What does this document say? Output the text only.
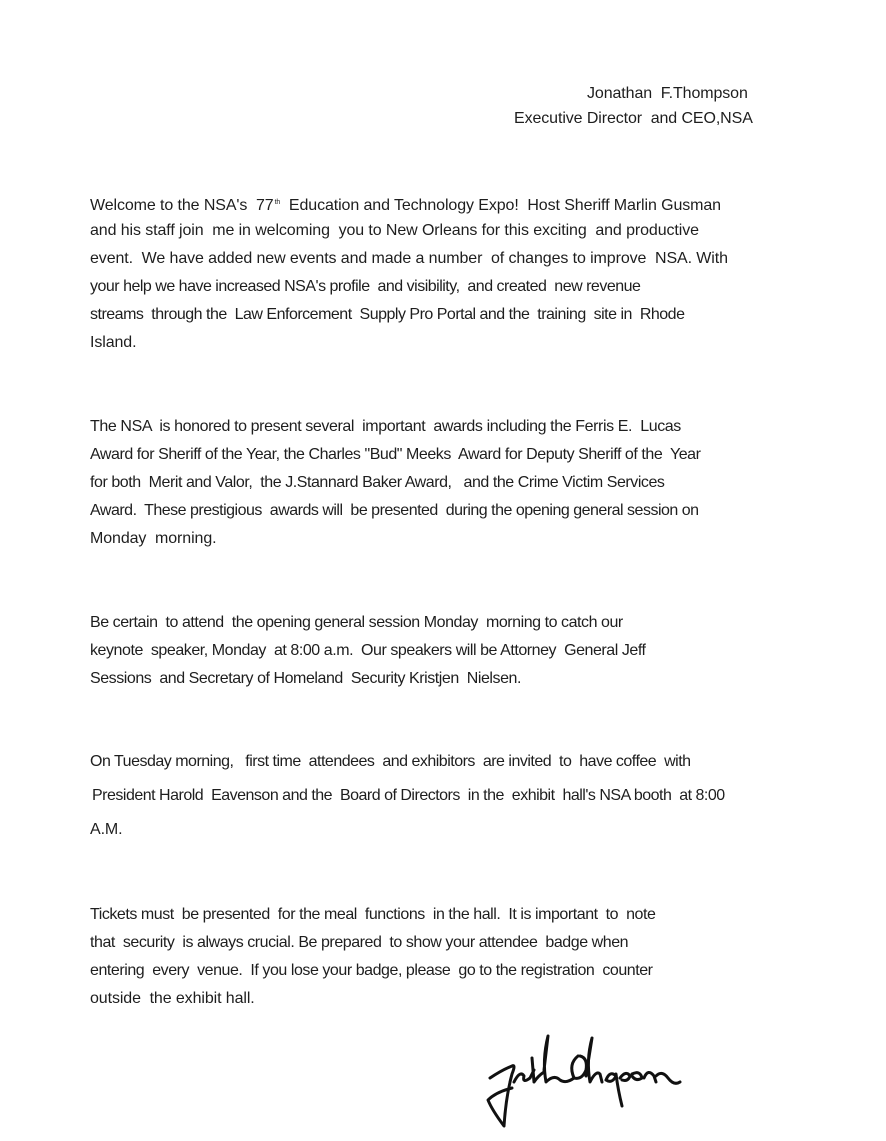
Jonathan  F.Thompson
Executive Director  and CEO,NSA
Welcome to the NSA's  77th  Education and Technology Expo!  Host Sheriff Marlin Gusman
and his staff join  me in welcoming  you to New Orleans for this exciting  and productive
event.  We have added new events and made a number  of changes to improve  NSA. With
your help we have increased NSA's profile  and visibility,  and created  new revenue
streams  through the  Law Enforcement  Supply Pro Portal and the  training  site in  Rhode
Island.
The NSA  is honored to present several  important  awards including the Ferris E.  Lucas
Award for Sheriff of the Year, the Charles "Bud" Meeks  Award for Deputy Sheriff of the  Year
for both  Merit and Valor,  the J.Stannard Baker Award,   and the Crime Victim Services
Award.  These prestigious  awards will  be presented  during the opening general session on
Monday  morning.
Be certain  to attend  the opening general session Monday  morning to catch our
keynote  speaker, Monday  at 8:00 a.m.  Our speakers will be Attorney  General Jeff
Sessions  and Secretary of Homeland  Security Kristjen  Nielsen.
On Tuesday morning,   first time  attendees  and exhibitors  are invited  to  have coffee  with
President Harold  Eavenson and the  Board of Directors  in the  exhibit  hall's NSA booth  at 8:00
A.M.
Tickets must  be presented  for the meal  functions  in the hall.  It is important  to  note
that  security  is always crucial. Be prepared  to show your attendee  badge when
entering  every  venue.  If you lose your badge, please  go to the registration  counter
outside  the exhibit hall.
